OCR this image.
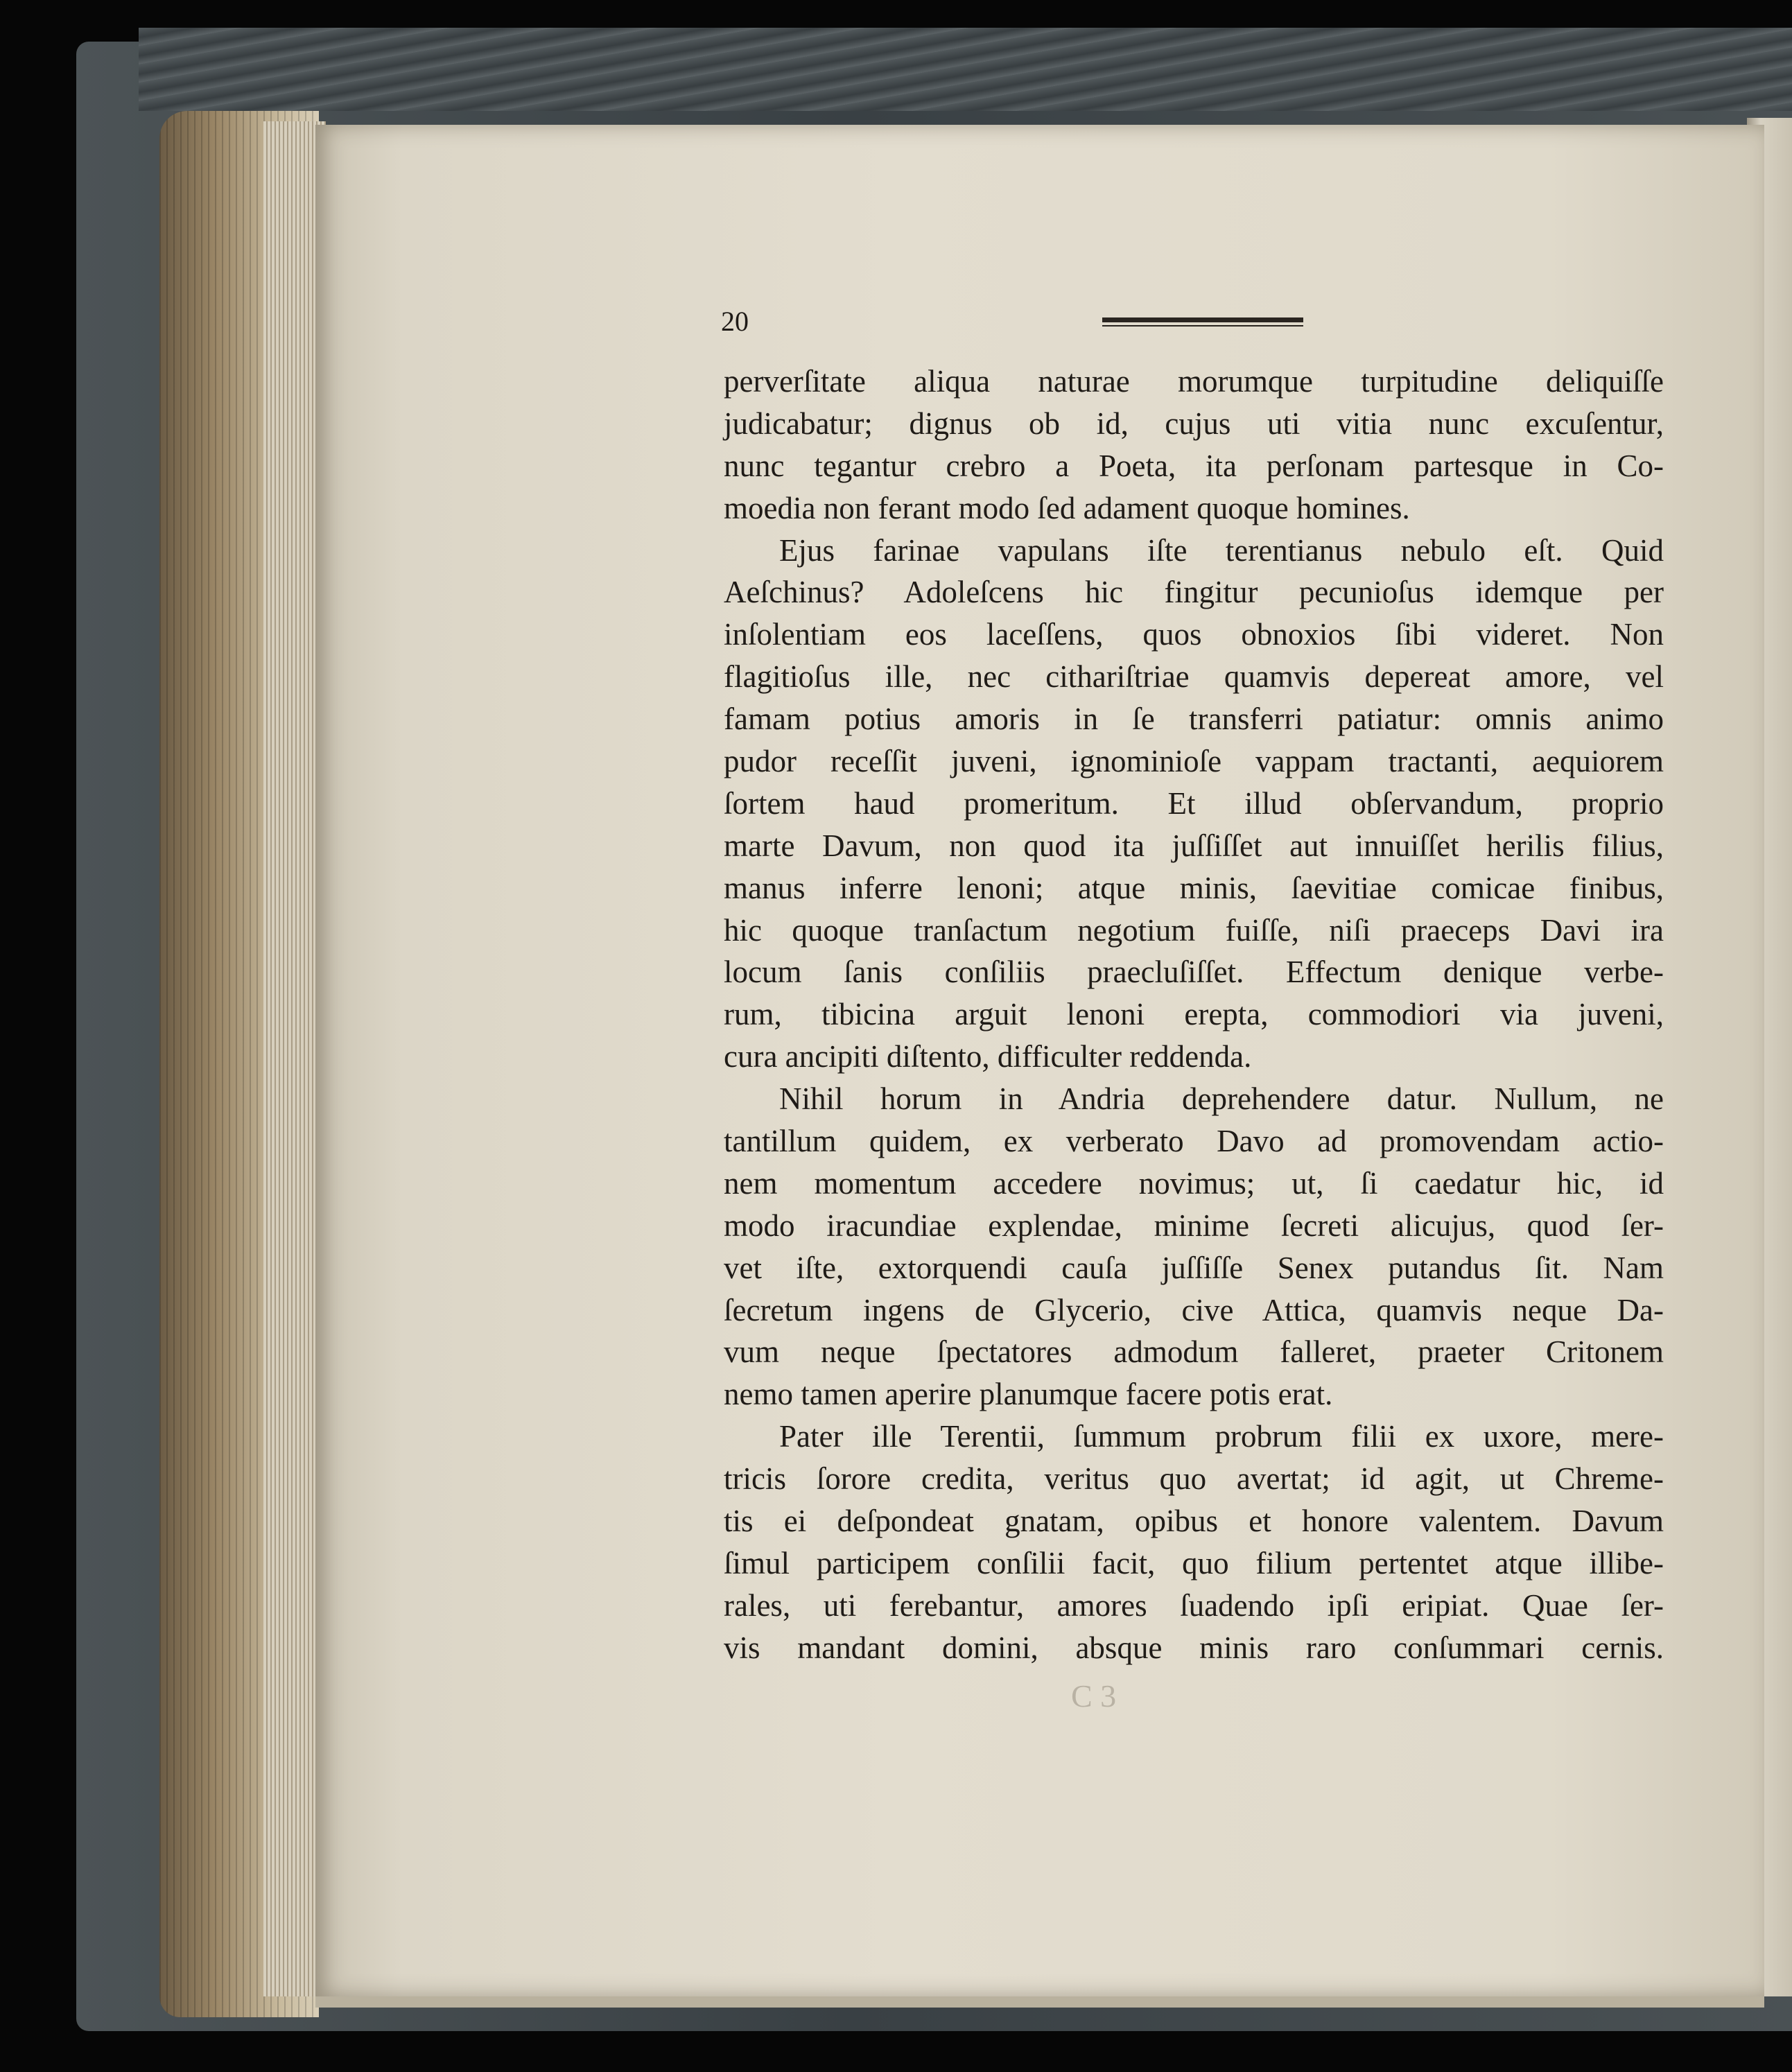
20
perverſitate aliqua naturae morumque turpitudine deliquiſſe
judicabatur; dignus ob id, cujus uti vitia nunc excuſentur,
nunc tegantur crebro a Poeta, ita perſonam partesque in Co-
moedia non ferant modo ſed adament quoque homines.
Ejus farinae vapulans iſte terentianus nebulo eſt. Quid
Aeſchinus? Adoleſcens hic fingitur pecunioſus idemque per
inſolentiam eos laceſſens, quos obnoxios ſibi videret. Non
flagitioſus ille, nec cithariſtriae quamvis depereat amore, vel
famam potius amoris in ſe transferri patiatur: omnis animo
pudor receſſit juveni, ignominioſe vappam tractanti, aequiorem
ſortem haud promeritum. Et illud obſervandum, proprio
marte Davum, non quod ita juſſiſſet aut innuiſſet herilis filius,
manus inferre lenoni; atque minis, ſaevitiae comicae finibus,
hic quoque tranſactum negotium fuiſſe, niſi praeceps Davi ira
locum ſanis conſiliis praecluſiſſet. Effectum denique verbe-
rum, tibicina arguit lenoni erepta, commodiori via juveni,
cura ancipiti diſtento, difficulter reddenda.
Nihil horum in Andria deprehendere datur. Nullum, ne
tantillum quidem, ex verberato Davo ad promovendam actio-
nem momentum accedere novimus; ut, ſi caedatur hic, id
modo iracundiae explendae, minime ſecreti alicujus, quod ſer-
vet iſte, extorquendi cauſa juſſiſſe Senex putandus ſit. Nam
ſecretum ingens de Glycerio, cive Attica, quamvis neque Da-
vum neque ſpectatores admodum falleret, praeter Critonem
nemo tamen aperire planumque facere potis erat.
Pater ille Terentii, ſummum probrum filii ex uxore, mere-
tricis ſorore credita, veritus quo avertat; id agit, ut Chreme-
tis ei deſpondeat gnatam, opibus et honore valentem. Davum
ſimul participem conſilii facit, quo filium pertentet atque illibe-
rales, uti ferebantur, amores ſuadendo ipſi eripiat. Quae ſer-
vis mandant domini, absque minis raro conſummari cernis.
C 3
